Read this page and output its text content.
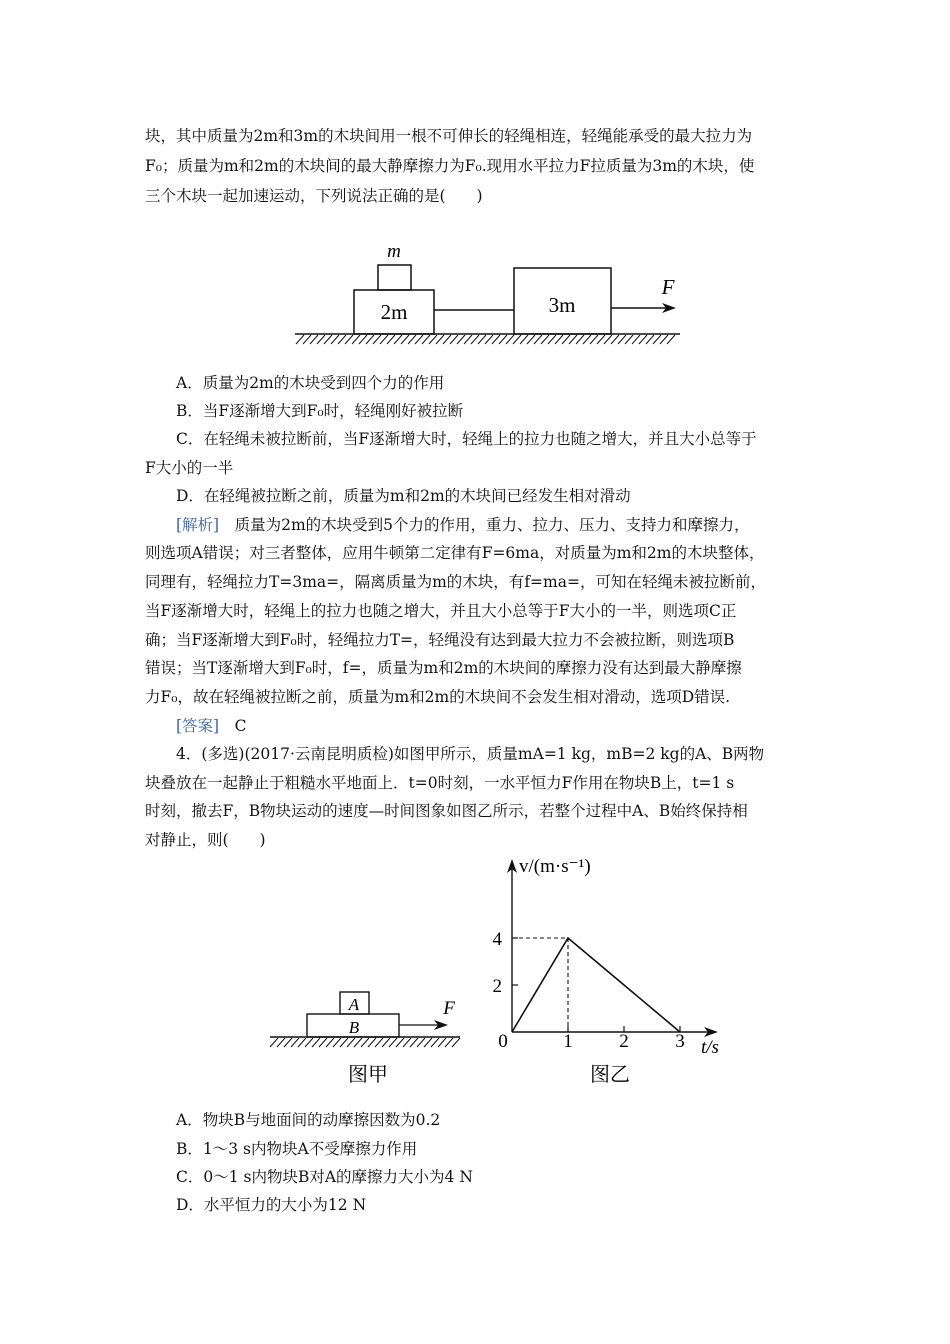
块，其中质量为2m和3m的木块间用一根不可伸长的轻绳相连，轻绳能承受的最大拉力为
F₀；质量为m和2m的木块间的最大静摩擦力为F₀.现用水平拉力F拉质量为3m的木块，使
三个木块一起加速运动，下列说法正确的是(　　)
m
2m	3m
F
A．质量为2m的木块受到四个力的作用
B．当F逐渐增大到F₀时，轻绳刚好被拉断
C．在轻绳未被拉断前，当F逐渐增大时，轻绳上的拉力也随之增大，并且大小总等于
F大小的一半
D．在轻绳被拉断之前，质量为m和2m的木块间已经发生相对滑动
[解析]　质量为2m的木块受到5个力的作用，重力、拉力、压力、支持力和摩擦力，
则选项A错误；对三者整体，应用牛顿第二定律有F=6ma，对质量为m和2m的木块整体，
同理有，轻绳拉力T=3ma=，隔离质量为m的木块，有f=ma=，可知在轻绳未被拉断前，
当F逐渐增大时，轻绳上的拉力也随之增大，并且大小总等于F大小的一半，则选项C正
确；当F逐渐增大到F₀时，轻绳拉力T=，轻绳没有达到最大拉力不会被拉断，则选项B
错误；当T逐渐增大到F₀时，f=，质量为m和2m的木块间的摩擦力没有达到最大静摩擦
力F₀，故在轻绳被拉断之前，质量为m和2m的木块间不会发生相对滑动，选项D错误.
[答案]　C
4．(多选)(2017·云南昆明质检)如图甲所示，质量mA=1 kg，mB=2 kg的A、B两物
块叠放在一起静止于粗糙水平地面上．t=0时刻，一水平恒力F作用在物块B上，t=1 s
时刻，撤去F，B物块运动的速度—时间图象如图乙所示，若整个过程中A、B始终保持相
对静止，则(　　)
A
B
F
图甲
v/(m·s⁻¹)
t/s
0	1 2 3
2
4
图乙
A．物块B与地面间的动摩擦因数为0.2
B．1～3 s内物块A不受摩擦力作用
C．0～1 s内物块B对A的摩擦力大小为4 N
D．水平恒力的大小为12 N
